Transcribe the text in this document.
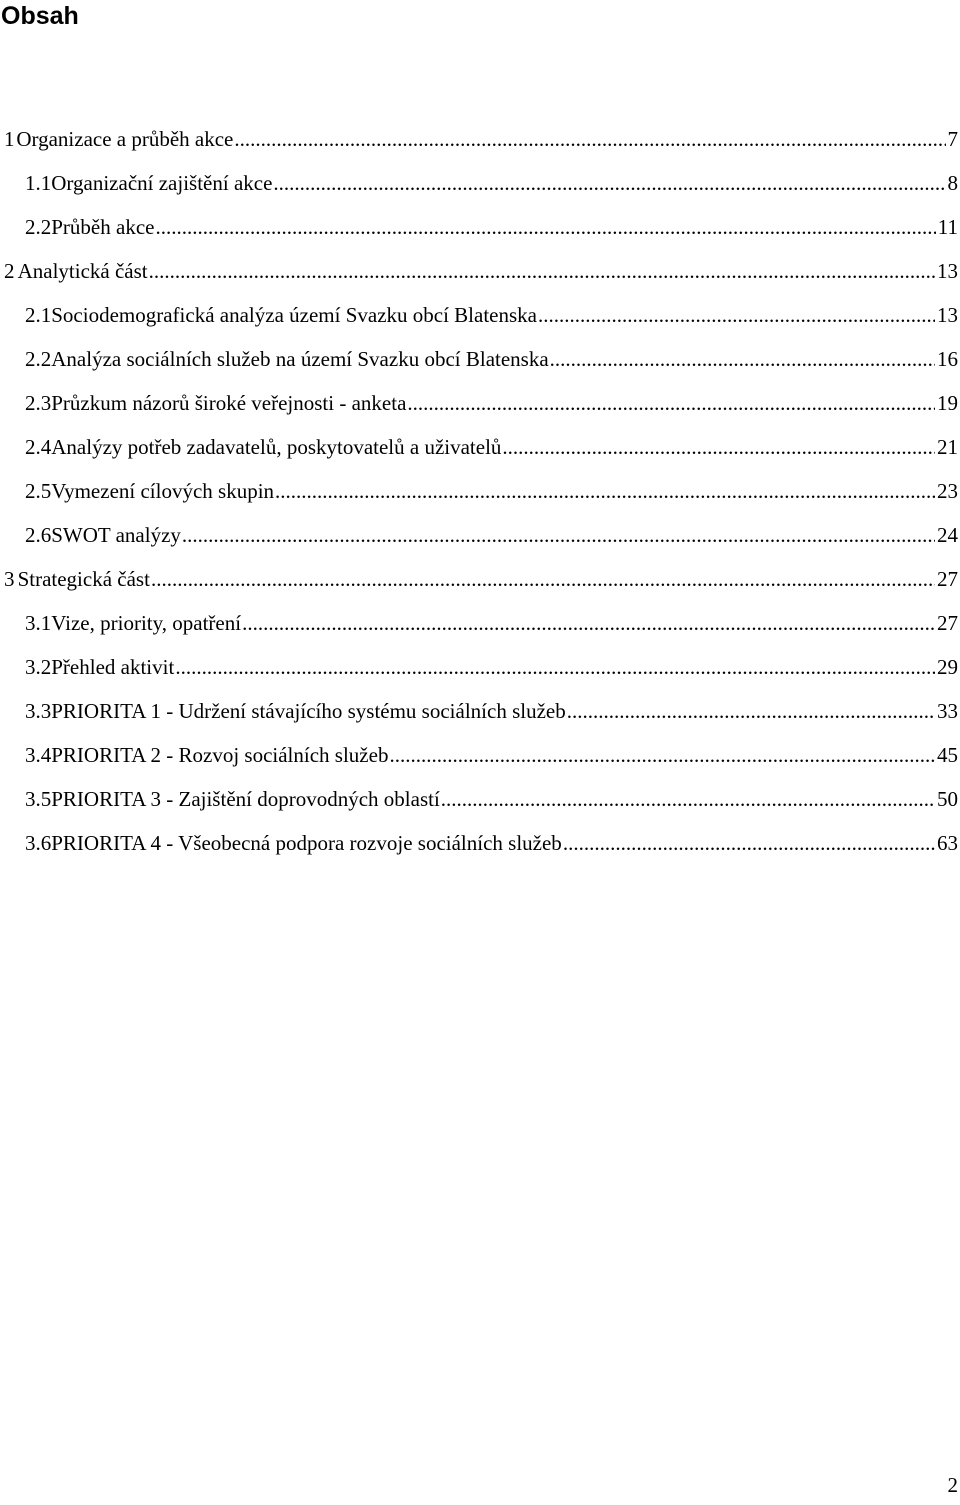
Obsah
1 Organizace a průběh akce .....	7
1.1 Organizační zajištění akce .....	8
2.2 Průběh akce .....	11
2 Analytická část .....	13
2.1 Sociodemografická analýza území Svazku obcí Blatenska .....	13
2.2 Analýza sociálních služeb na území Svazku obcí Blatenska .....	16
2.3 Průzkum názorů široké veřejnosti - anketa .....	19
2.4 Analýzy potřeb zadavatelů, poskytovatelů a uživatelů .....	21
2.5 Vymezení cílových skupin .....	23
2.6 SWOT analýzy .....	24
3 Strategická část .....	27
3.1 Vize, priority, opatření .....	27
3.2 Přehled aktivit .....	29
3.3 PRIORITA 1 - Udržení stávajícího systému sociálních služeb .....	33
3.4 PRIORITA 2 - Rozvoj sociálních služeb .....	45
3.5 PRIORITA 3 - Zajištění doprovodných oblastí .....	50
3.6 PRIORITA 4 - Všeobecná podpora rozvoje sociálních služeb .....	63
2
